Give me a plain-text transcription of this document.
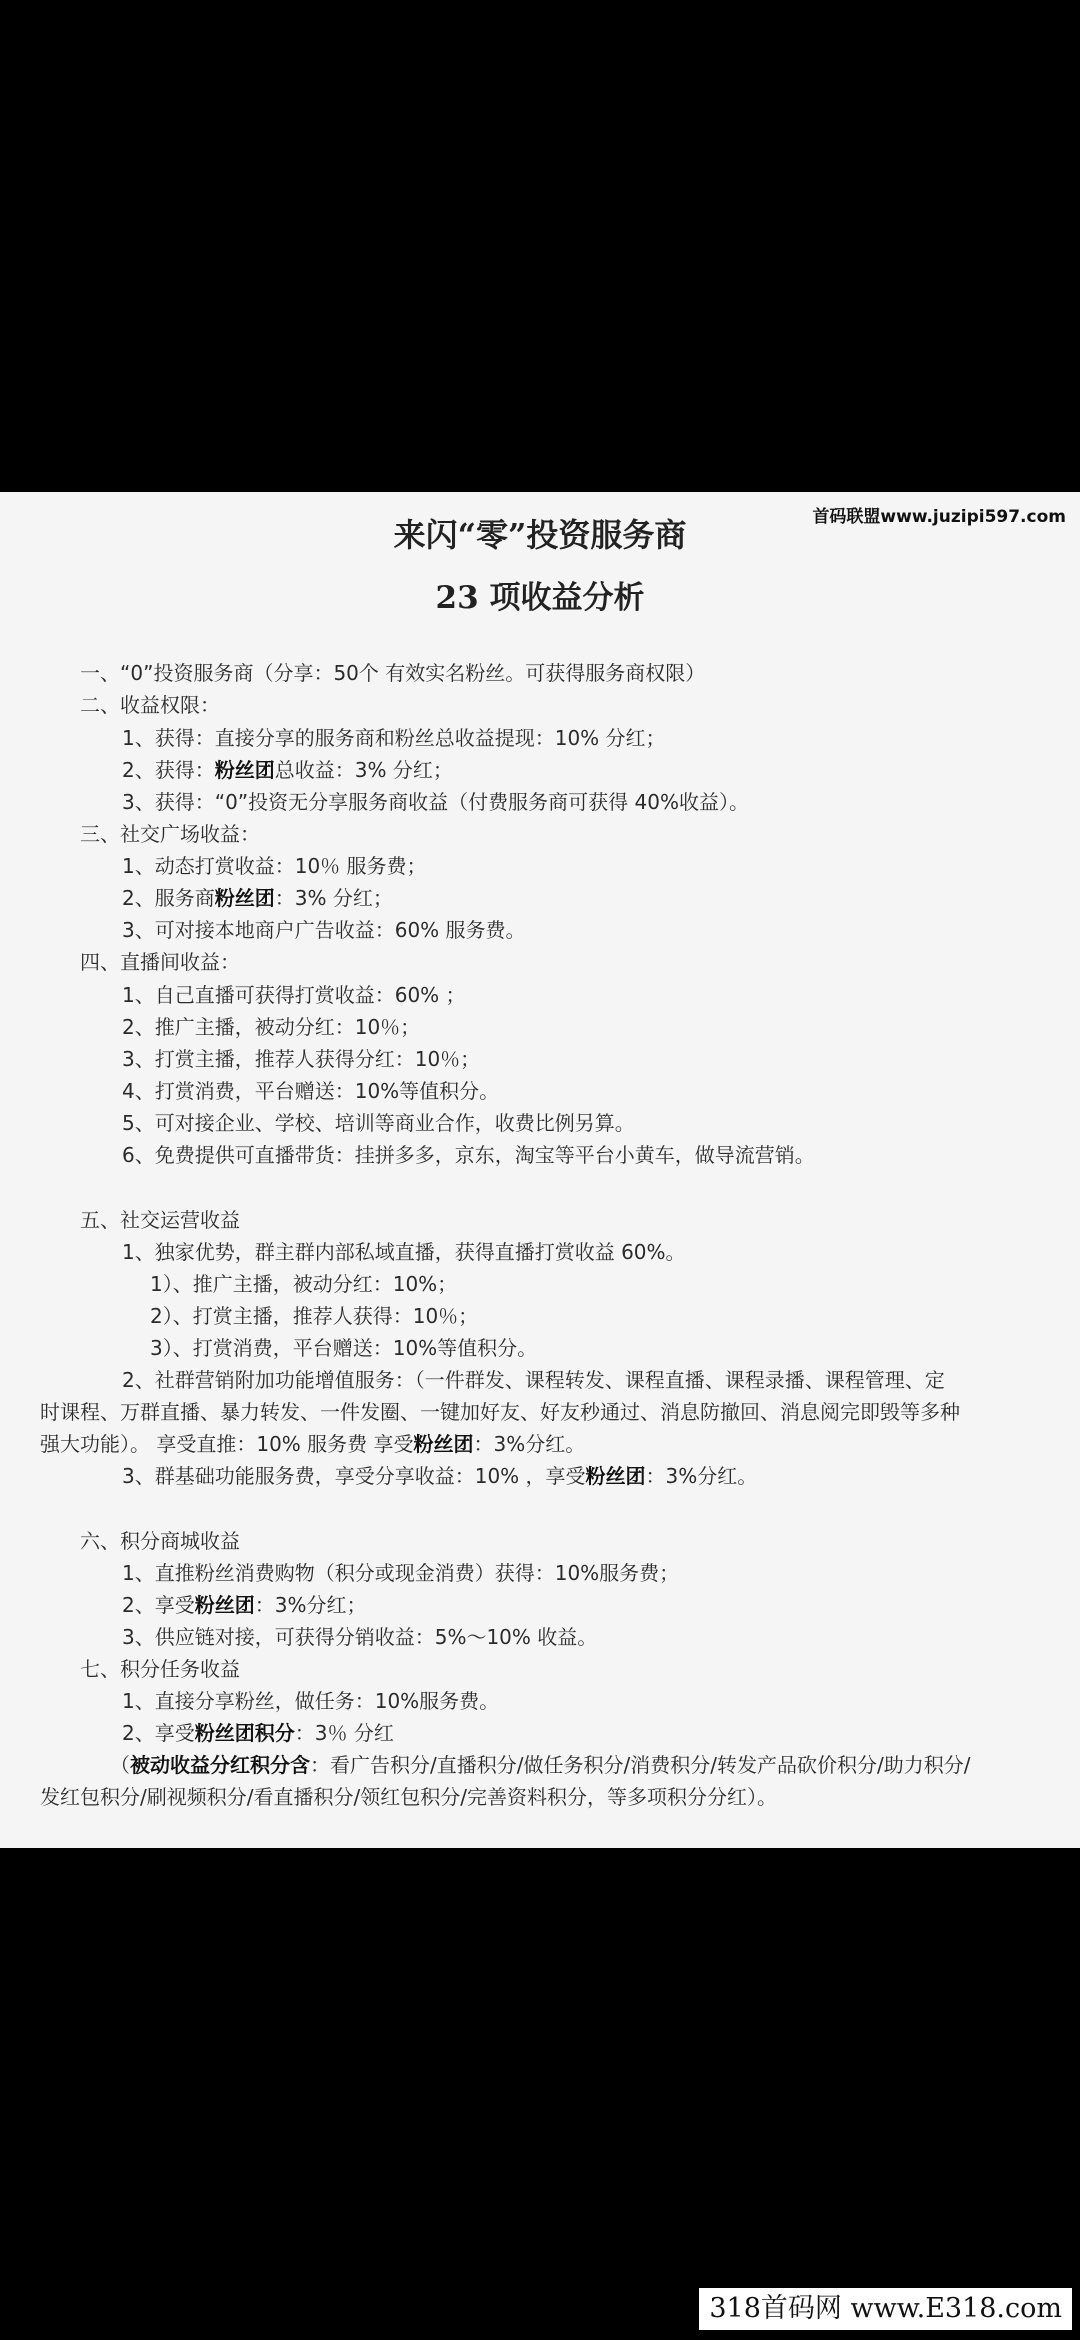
首码联盟www.juzipi597.com
来闪“零”投资服务商
23 项收益分析
一、“0”投资服务商（分享：50个 有效实名粉丝。可获得服务商权限）
二、收益权限：
1、获得：直接分享的服务商和粉丝总收益提现：10% 分红；
2、获得：粉丝团总收益：3% 分红；
3、获得：“0”投资无分享服务商收益（付费服务商可获得 40%收益）。
三、社交广场收益：
1、动态打赏收益：10％ 服务费；
2、服务商粉丝团：3% 分红；
3、可对接本地商户广告收益：60% 服务费。
四、直播间收益：
1、自己直播可获得打赏收益：60% ；
2、推广主播，被动分红：10％；
3、打赏主播，推荐人获得分红：10％；
4、打赏消费，平台赠送：10%等值积分。
5、可对接企业、学校、培训等商业合作，收费比例另算。
6、免费提供可直播带货：挂拼多多，京东，淘宝等平台小黄车，做导流营销。
五、社交运营收益
1、独家优势，群主群内部私域直播，获得直播打赏收益 60%。
1）、推广主播，被动分红：10%；
2）、打赏主播，推荐人获得：10％；
3）、打赏消费，平台赠送：10%等值积分。
2、社群营销附加功能增值服务：（一件群发、课程转发、课程直播、课程录播、课程管理、定
时课程、万群直播、暴力转发、一件发圈、一键加好友、好友秒通过、消息防撤回、消息阅完即毁等多种
强大功能）。 享受直推：10% 服务费 享受粉丝团：3%分红。
3、群基础功能服务费，享受分享收益：10% ，享受粉丝团：3%分红。
六、积分商城收益
1、直推粉丝消费购物（积分或现金消费）获得：10%服务费；
2、享受粉丝团：3%分红；
3、供应链对接，可获得分销收益：5%～10% 收益。
七、积分任务收益
1、直接分享粉丝，做任务：10%服务费。
2、享受粉丝团积分：3％ 分红
（被动收益分红积分含：看广告积分/直播积分/做任务积分/消费积分/转发产品砍价积分/助力积分/
发红包积分/刷视频积分/看直播积分/领红包积分/完善资料积分，等多项积分分红）。
318首码网 www.E318.com
